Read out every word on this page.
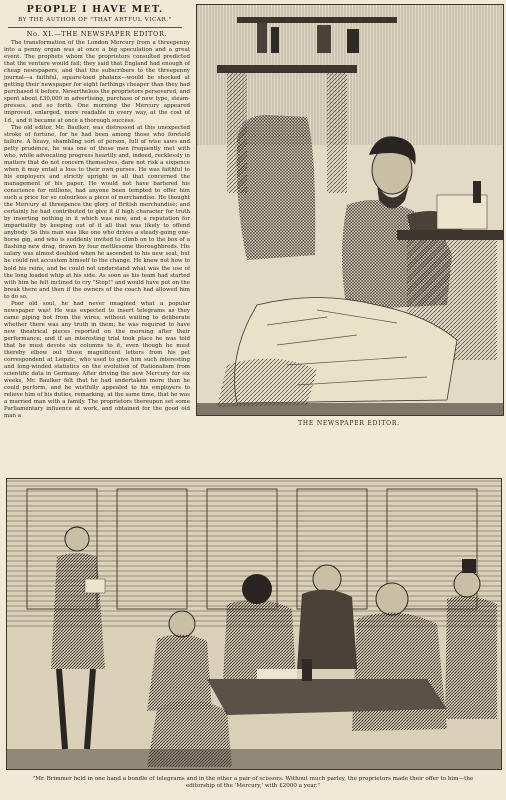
PEOPLE I HAVE MET.
BY THE AUTHOR OF "THAT ARTFUL VICAR."
No. XI.—THE NEWSPAPER EDITOR.

The transformation of the London Mercury from a threepenny into a penny organ was at once a big speculation and a great event. The prophets whom the proprietors consulted predicted that the venture would fail; they said that England had enough of cheap newspapers, and that the subscribers to the threepenny journal—a faithful, square-toed phalanx—would be shocked at getting their newspaper for eight farthings cheaper than they had purchased it before. Nevertheless the proprietors persevered, and spent about £30,000 in advertising, purchase of new type, steam-presses, and so forth. One morning the Mercury appeared improved, enlarged, more readable in every way, at the cost of 1d., and it became at once a thorough success.

The old editor, Mr. Baulker, was distressed at this unexpected stroke of fortune, for he had been among those who foretold failure. A heavy, shambling sort of person, full of wise saws and petty prudence, he was one of those men frequently met with who, while advocating progress heartily and, indeed, recklessly in matters that do not concern themselves, dare not risk a sixpence when it may entail a loss to their own purses. He was faithful to his employers and strictly upright in all that concerned the management of his paper. He would not have bartered his conscience for millions, had anyone been tempted to offer him such a price for so colourless a piece of merchandise. He thought the Mercury at threepence the glory of British merchandise; and certainly he had contributed to give it if high character for truth by inserting nothing in it which was new, and a reputation for impartiality by keeping out of it all that was likely to offend anybody. So this man was like one who drives a steady-going one-horse gig, and who is suddenly invited to climb on to the box of a flashing new drag, drawn by four mettlesome thoroughbreds. His salary was almost doubled when he ascended to his new seat, but he could not accustom himself to the change. He knew not how to hold his reins, and he could not understand what was the use of the long loaded whip at his side. As soon as his team had started with him he felt inclined to cry "Stop!" and would have put on the break there and then if the owners of the coach had allowed him to do so.

Poor old soul, he had never imagined what a popular newspaper was! He was expected to insert telegrams as they came piping hot from the wires, without waiting to deliberate whether there was any truth in them; he was required to have new theatrical pieces reported on the morning after their performance; and if an interesting trial took place he was told that he must devote six columns to it, even though he must thereby elbow out those magnificent letters from his pet correspondent at Leipzic, who used to give him such interesting and long-winded statistics on the evolution of Rationalism from scientific data in Germany. After driving the new Mercury for six weeks, Mr. Baulker felt that he had undertaken more than he could perform, and he wistfully appealed to his employers to relieve him of his duties, remarking, at the same time, that he was a married man with a family. The proprietors thereupon set some Parliamentary influence at work, and obtained for the good old man a

THE NEWSPAPER EDITOR.
"Mr. Brimmer held in one hand a bundle of telegrams and in the other a pair of scissors. Without much parley, the proprietors made their offer to him—the editorship of the 'Mercury,' with £2000 a year."
